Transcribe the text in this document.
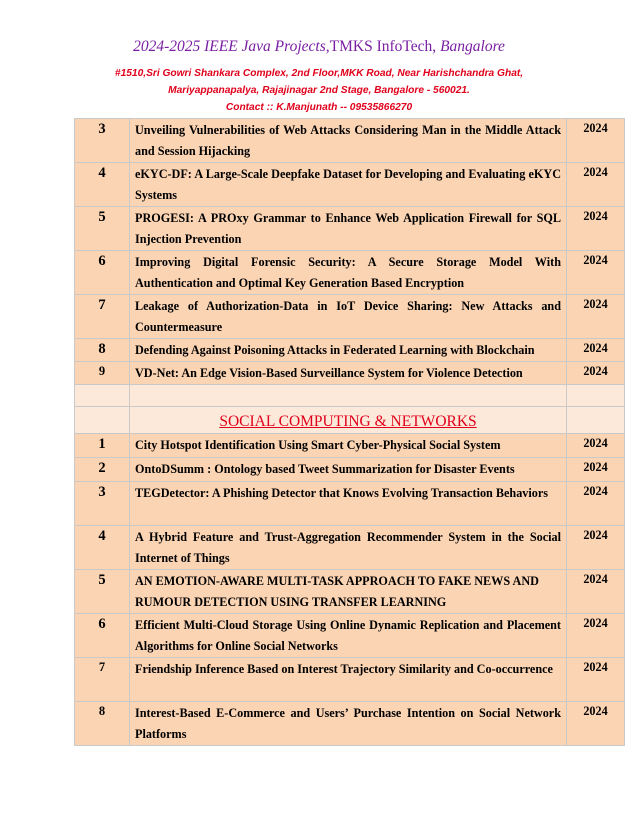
2024-2025 IEEE Java Projects,TMKS InfoTech, Bangalore
#1510,Sri Gowri Shankara Complex, 2nd Floor,MKK Road, Near Harishchandra Ghat,
Mariyappanapalya, Rajajinagar 2nd Stage, Bangalore - 560021.
Contact :: K.Manjunath -- 09535866270
3	Unveiling Vulnerabilities of Web Attacks Considering Man in the Middle Attack and Session Hijacking	2024
4	eKYC-DF: A Large-Scale Deepfake Dataset for Developing and Evaluating eKYC Systems	2024
5	PROGESI: A PROxy Grammar to Enhance Web Application Firewall for SQL Injection Prevention	2024
6	Improving Digital Forensic Security: A Secure Storage Model With Authentication and Optimal Key Generation Based Encryption	2024
7	Leakage of Authorization-Data in IoT Device Sharing: New Attacks and Countermeasure	2024
8	Defending Against Poisoning Attacks in Federated Learning with Blockchain	2024
9	VD-Net: An Edge Vision-Based Surveillance System for Violence Detection	2024

	SOCIAL COMPUTING & NETWORKS	
1	City Hotspot Identification Using Smart Cyber-Physical Social System	2024
2	OntoDSumm : Ontology based Tweet Summarization for Disaster Events	2024
3	TEGDetector: A Phishing Detector that Knows Evolving Transaction Behaviors	2024
4	A Hybrid Feature and Trust-Aggregation Recommender System in the Social Internet of Things	2024
5	AN EMOTION-AWARE MULTI-TASK APPROACH TO FAKE NEWS AND RUMOUR DETECTION USING TRANSFER LEARNING	2024
6	Efficient Multi-Cloud Storage Using Online Dynamic Replication and Placement Algorithms for Online Social Networks	2024
7	Friendship Inference Based on Interest Trajectory Similarity and Co-occurrence	2024
8	Interest-Based E-Commerce and Users’ Purchase Intention on Social Network Platforms	2024
